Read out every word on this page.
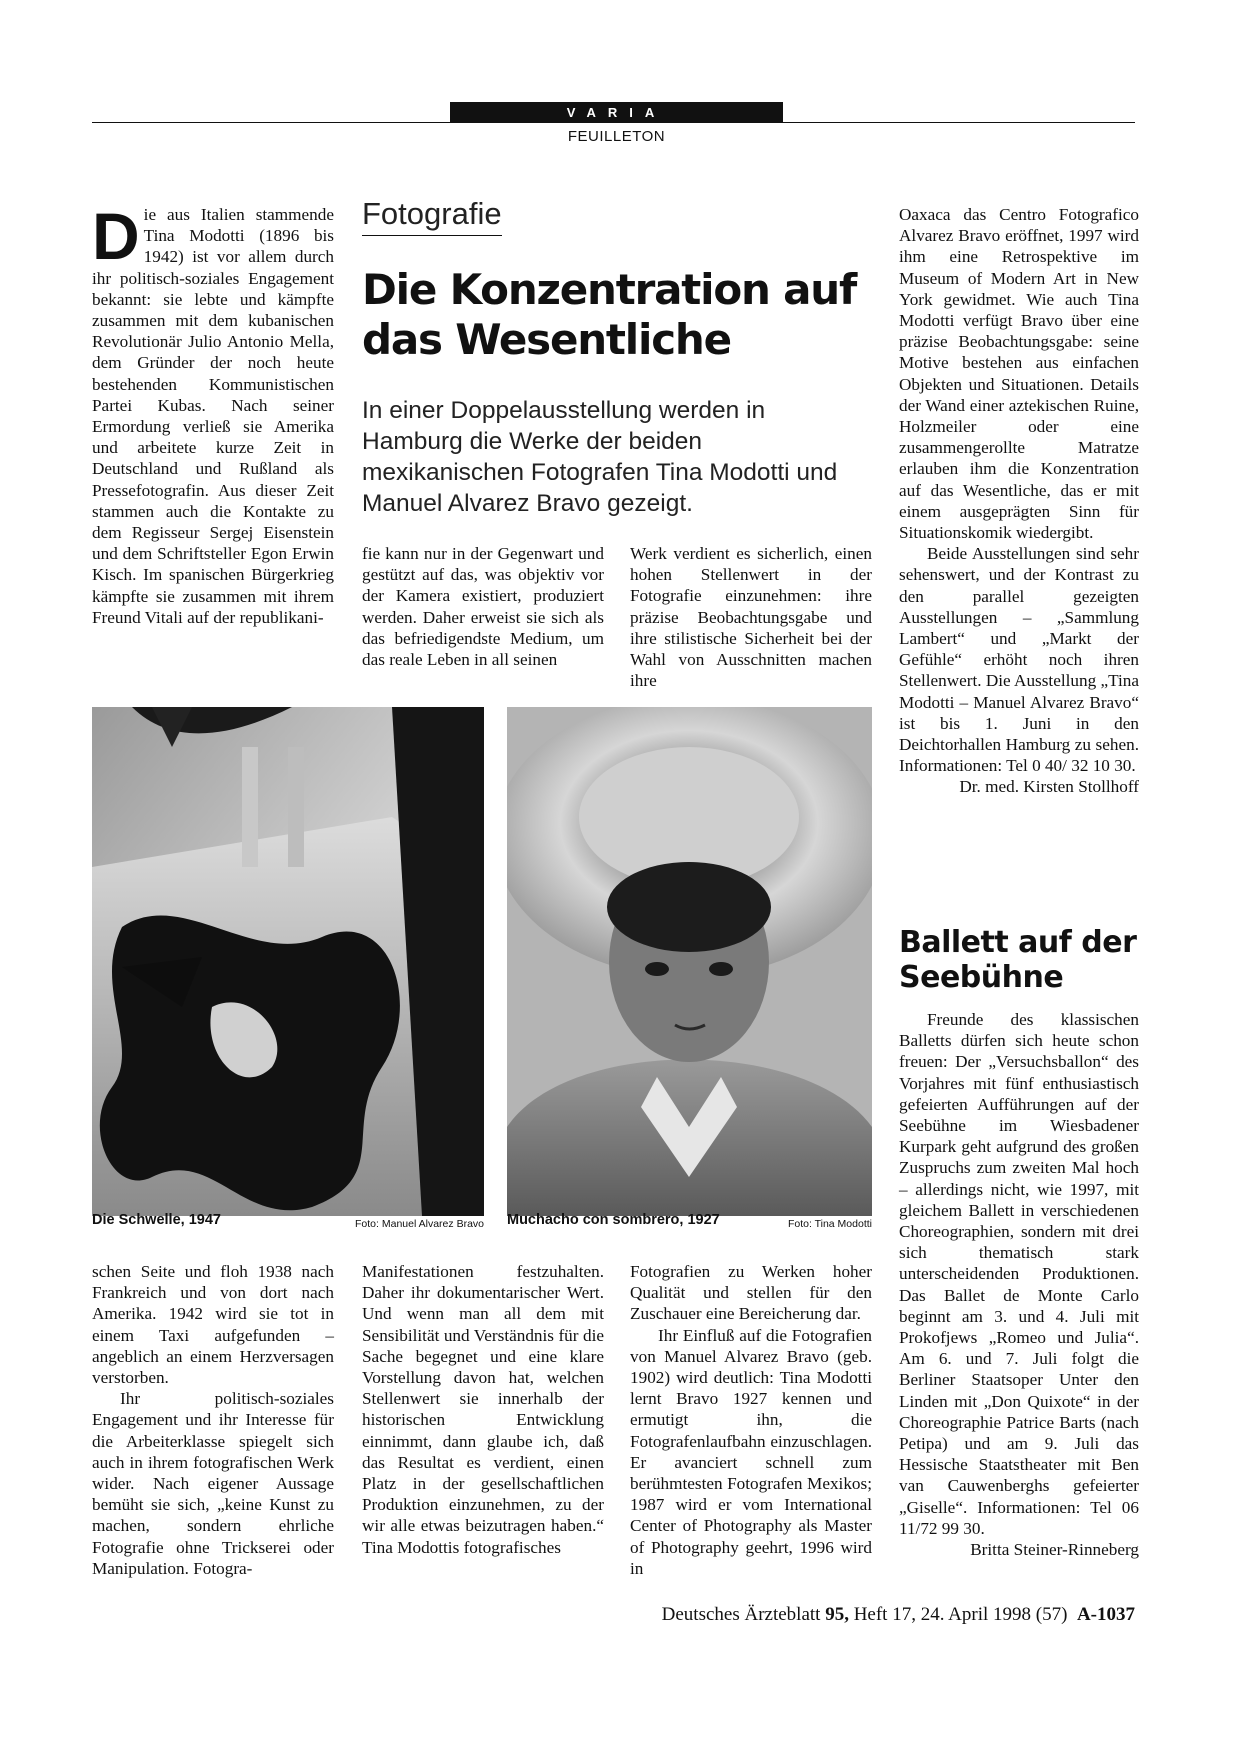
VARIA
FEUILLETON

Die aus Italien stammende Tina Modotti (1896 bis 1942) ist vor allem durch ihr politisch-soziales Engagement bekannt: sie lebte und kämpfte zusammen mit dem kubanischen Revolutionär Julio Antonio Mella, dem Gründer der noch heute bestehenden Kommunistischen Partei Kubas. Nach seiner Ermordung verließ sie Amerika und arbeitete kurze Zeit in Deutschland und Rußland als Pressefotografin. Aus dieser Zeit stammen auch die Kontakte zu dem Regisseur Sergej Eisenstein und dem Schriftsteller Egon Erwin Kisch. Im spanischen Bürgerkrieg kämpfte sie zusammen mit ihrem Freund Vitali auf der republikani-

Fotografie
Die Konzentration auf das Wesentliche

In einer Doppelausstellung werden in Hamburg die Werke der beiden mexikanischen Fotografen Tina Modotti und Manuel Alvarez Bravo gezeigt.

fie kann nur in der Gegenwart und gestützt auf das, was objektiv vor der Kamera existiert, produziert werden. Daher erweist sie sich als das befriedigendste Medium, um das reale Leben in all seinen

Werk verdient es sicherlich, einen hohen Stellenwert in der Fotografie einzunehmen: ihre präzise Beobachtungsgabe und ihre stilistische Sicherheit bei der Wahl von Ausschnitten machen ihre

Oaxaca das Centro Fotografico Alvarez Bravo eröffnet, 1997 wird ihm eine Retrospektive im Museum of Modern Art in New York gewidmet. Wie auch Tina Modotti verfügt Bravo über eine präzise Beobachtungsgabe: seine Motive bestehen aus einfachen Objekten und Situationen. Details der Wand einer aztekischen Ruine, Holzmeiler oder eine zusammengerollte Matratze erlauben ihm die Konzentration auf das Wesentliche, das er mit einem ausgeprägten Sinn für Situationskomik wiedergibt.

Beide Ausstellungen sind sehr sehenswert, und der Kontrast zu den parallel gezeigten Ausstellungen – „Sammlung Lambert“ und „Markt der Gefühle“ erhöht noch ihren Stellenwert. Die Ausstellung „Tina Modotti – Manuel Alvarez Bravo“ ist bis 1. Juni in den Deichtorhallen Hamburg zu sehen. Informationen: Tel 0 40/ 32 10 30.

Dr. med. Kirsten Stollhoff

Die Schwelle, 1947	Foto: Manuel Alvarez Bravo Muchacho con sombrero, 1927	Foto: Tina Modotti

schen Seite und floh 1938 nach Frankreich und von dort nach Amerika. 1942 wird sie tot in einem Taxi aufgefunden – angeblich an einem Herzversagen verstorben.

Ihr politisch-soziales Engagement und ihr Interesse für die Arbeiterklasse spiegelt sich auch in ihrem fotografischen Werk wider. Nach eigener Aussage bemüht sie sich, „keine Kunst zu machen, sondern ehrliche Fotografie ohne Trickserei oder Manipulation. Fotogra-

Manifestationen festzuhalten. Daher ihr dokumentarischer Wert. Und wenn man all dem mit Sensibilität und Verständnis für die Sache begegnet und eine klare Vorstellung davon hat, welchen Stellenwert sie innerhalb der historischen Entwicklung einnimmt, dann glaube ich, daß das Resultat es verdient, einen Platz in der gesellschaftlichen Produktion einzunehmen, zu der wir alle etwas beizutragen haben.“ Tina Modottis fotografisches

Fotografien zu Werken hoher Qualität und stellen für den Zuschauer eine Bereicherung dar.

Ihr Einfluß auf die Fotografien von Manuel Alvarez Bravo (geb. 1902) wird deutlich: Tina Modotti lernt Bravo 1927 kennen und ermutigt ihn, die Fotografenlaufbahn einzuschlagen. Er avanciert schnell zum berühmtesten Fotografen Mexikos; 1987 wird er vom International Center of Photography als Master of Photography geehrt, 1996 wird in

Ballett auf der Seebühne

Freunde des klassischen Balletts dürfen sich heute schon freuen: Der „Versuchsballon“ des Vorjahres mit fünf enthusiastisch gefeierten Aufführungen auf der Seebühne im Wiesbadener Kurpark geht aufgrund des großen Zuspruchs zum zweiten Mal hoch – allerdings nicht, wie 1997, mit gleichem Ballett in verschiedenen Choreographien, sondern mit drei sich thematisch stark unterscheidenden Produktionen. Das Ballet de Monte Carlo beginnt am 3. und 4. Juli mit Prokofjews „Romeo und Julia“. Am 6. und 7. Juli folgt die Berliner Staatsoper Unter den Linden mit „Don Quixote“ in der Choreographie Patrice Barts (nach Petipa) und am 9. Juli das Hessische Staatstheater mit Ben van Cauwenberghs gefeierter „Giselle“. Informationen: Tel 06 11/72 99 30.

Britta Steiner-Rinneberg

Deutsches Ärzteblatt 95, Heft 17, 24. April 1998 (57) A-1037
